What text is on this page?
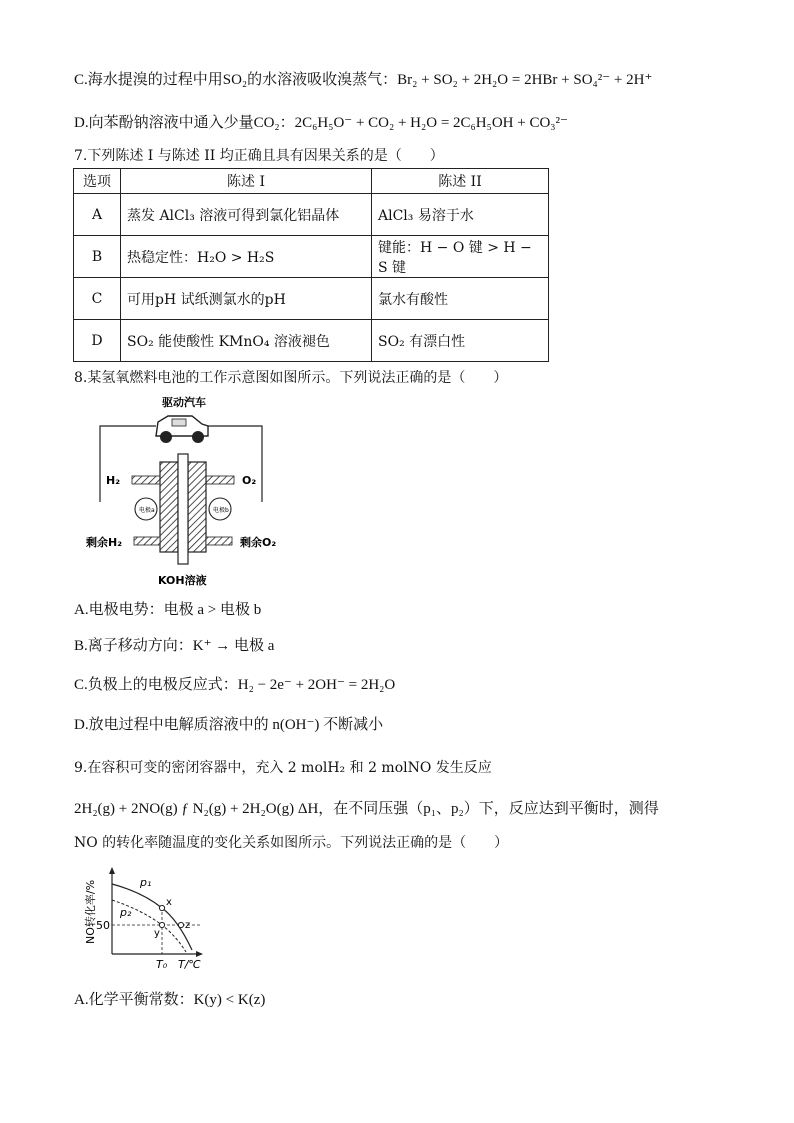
C.海水提溴的过程中用SO₂的水溶液吸收溴蒸气：Br₂ + SO₂ + 2H₂O = 2HBr + SO₄²⁻ + 2H⁺
D.向苯酚钠溶液中通入少量CO₂：2C₆H₅O⁻ + CO₂ + H₂O = 2C₆H₅OH + CO₃²⁻
7.下列陈述 I 与陈述 II 均正确且具有因果关系的是（　　）
选项	陈述 I	陈述 II
A	蒸发 AlCl₃ 溶液可得到氯化铝晶体	AlCl₃ 易溶于水
B	热稳定性：H₂O > H₂S	键能：H − O 键 > H − S 键
C	可用pH 试纸测氯水的pH	氯水有酸性
D	SO₂ 能使酸性 KMnO₄ 溶液褪色	SO₂ 有漂白性
8.某氢氧燃料电池的工作示意图如图所示。下列说法正确的是（　　）
驱动汽车
H₂	O₂
电极a	电极b
剩余H₂	剩余O₂
KOH溶液
A.电极电势：电极 a > 电极 b
B.离子移动方向：K⁺ → 电极 a
C.负极上的电极反应式：H₂ − 2e⁻ + 2OH⁻ = 2H₂O
D.放电过程中电解质溶液中的 n(OH⁻) 不断减小
9.在容积可变的密闭容器中，充入 2 molH₂ 和 2 molNO 发生反应
2H₂(g) + 2NO(g) ƒ N₂(g) + 2H₂O(g) ΔH，在不同压强（p₁、p₂）下，反应达到平衡时，测得
NO 的转化率随温度的变化关系如图所示。下列说法正确的是（　　）
NO转化率/% 50
T₀ T/℃
p₁
p₂
x
y
z
A.化学平衡常数：K(y) < K(z)
